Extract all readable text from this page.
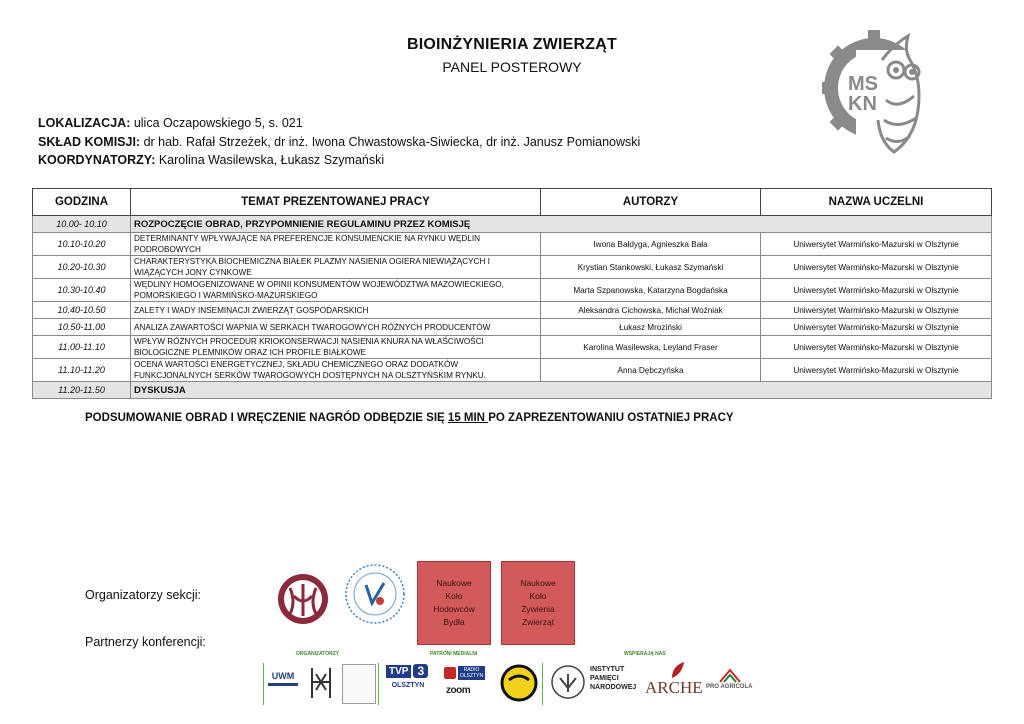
BIOINŻYNIERIA ZWIERZĄT
PANEL POSTEROWY
MS
KN
LOKALIZACJA: ulica Oczapowskiego 5, s. 021
SKŁAD KOMISJI: dr hab. Rafał Strzeżek, dr inż. Iwona Chwastowska-Siwiecka, dr inż. Janusz Pomianowski
KOORDYNATORZY: Karolina Wasilewska, Łukasz Szymański
GODZINA	TEMAT PREZENTOWANEJ PRACY	AUTORZY	NAZWA UCZELNI
10.00- 10.10	ROZPOCZĘCIE OBRAD, PRZYPOMNIENIE REGULAMINU PRZEZ KOMISJĘ		
10.10-10.20	DETERMINANTY WPŁYWAJĄCE NA PREFERENCJE KONSUMENCKIE NA RYNKU WĘDLIN PODROBOWYCH	Iwona Bałdyga, Agnieszka Bała	Uniwersytet Warmińsko-Mazurski w Olsztynie
10.20-10.30	CHARAKTERYSTYKA BIOCHEMICZNA BIAŁEK PLAZMY NASIENIA OGIERA NIEWIĄŻĄCYCH I WIĄŻĄCYCH JONY CYNKOWE	Krystian Stankowski, Łukasz Szymański	Uniwersytet Warmińsko-Mazurski w Olsztynie
10.30-10.40	WĘDLINY HOMOGENIZOWANE W OPINII KONSUMENTÓW WOJEWÓDZTWA MAZOWIECKIEGO, POMORSKIEGO I WARMIŃSKO-MAZURSKIEGO	Marta Szpanowska, Katarzyna Bogdańska	Uniwersytet Warmińsko-Mazurski w Olsztynie
10.40-10.50	ZALETY I WADY INSEMINACJI ZWIERZĄT GOSPODARSKICH	Aleksandra Cichowska, Michał Woźniak	Uniwersytet Warmińsko-Mazurski w Olsztynie
10.50-11.00	ANALIZA ZAWARTOŚCI WAPNIA W SERKACH TWAROGOWYCH RÓŻNYCH PRODUCENTÓW	Łukasz Mroziński	Uniwersytet Warmińsko-Mazurski w Olsztynie
11.00-11.10	WPŁYW RÓŻNYCH PROCEDUR KRIOKONSERWACJI NASIENIA KNURA NA WŁAŚCIWOŚCI BIOLOGICZNE PLEMNIKÓW ORAZ ICH PROFILE BIAŁKOWE	Karolina Wasilewska, Leyland Fraser	Uniwersytet Warmińsko-Mazurski w Olsztynie
11.10-11.20	OCENA WARTOŚCI ENERGETYCZNEJ, SKŁADU CHEMICZNEGO ORAZ DODATKÓW FUNKCJONALNYCH SERKÓW TWAROGOWYCH DOSTĘPNYCH NA OLSZTYŃSKIM RYNKU.	Anna Dębczyńska	Uniwersytet Warmińsko-Mazurski w Olsztynie
11.20-11.50	DYSKUSJA		
PODSUMOWANIE OBRAD I WRĘCZENIE NAGRÓD ODBĘDZIE SIĘ 15 MIN PO ZAPREZENTOWANIU OSTATNIEJ PRACY
Organizatorzy sekcji:
Partnerzy konferencji:
Naukowe
Koło
Hodowców
Bydła
Naukowe
Koło
Żywienia
Zwierząt
ORGANIZATORZY	PATRONI MEDIALNI	WSPIERAJĄ NAS
UWM	TVP 3
OLSZTYN
RADIO
OLSZTYN
zoom
INSTYTUT
PAMIĘCI
NARODOWEJ ARCHE PRO AGRICOLA
